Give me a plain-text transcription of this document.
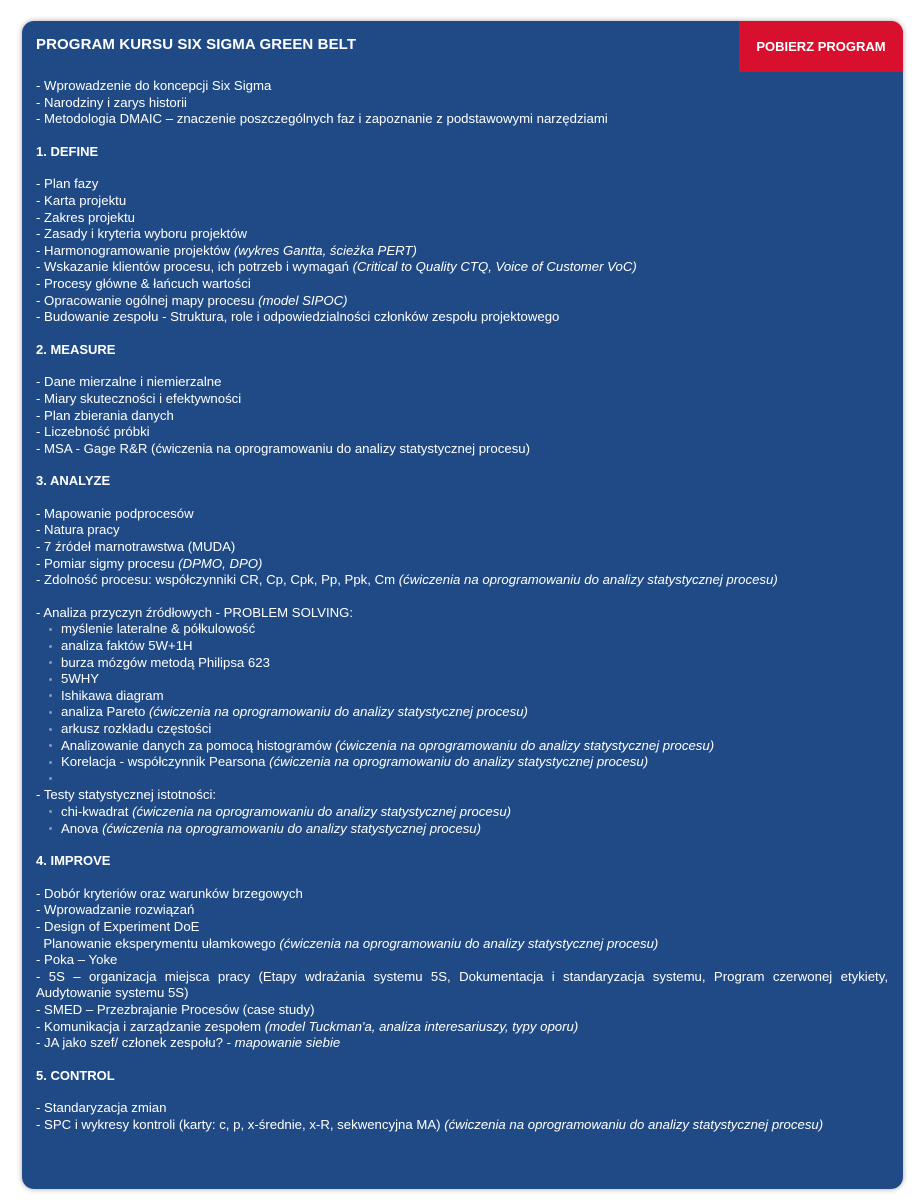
PROGRAM KURSU SIX SIGMA GREEN BELT	POBIERZ PROGRAM
- Wprowadzenie do koncepcji Six Sigma
- Narodziny i zarys historii
- Metodologia DMAIC – znaczenie poszczególnych faz i zapoznanie z podstawowymi narzędziami
1. DEFINE
- Plan fazy
- Karta projektu
- Zakres projektu
- Zasady i kryteria wyboru projektów
- Harmonogramowanie projektów (wykres Gantta, ścieżka PERT)
- Wskazanie klientów procesu, ich potrzeb i wymagań (Critical to Quality CTQ, Voice of Customer VoC)
- Procesy główne & łańcuch wartości
- Opracowanie ogólnej mapy procesu (model SIPOC)
- Budowanie zespołu - Struktura, role i odpowiedzialności członków zespołu projektowego
2. MEASURE
- Dane mierzalne i niemierzalne
- Miary skuteczności i efektywności
- Plan zbierania danych
- Liczebność próbki
- MSA - Gage R&R (ćwiczenia na oprogramowaniu do analizy statystycznej procesu)
3. ANALYZE
- Mapowanie podprocesów
- Natura pracy
- 7 źródeł marnotrawstwa (MUDA)
- Pomiar sigmy procesu (DPMO, DPO)
- Zdolność procesu: współczynniki CR, Cp, Cpk, Pp, Ppk, Cm (ćwiczenia na oprogramowaniu do analizy statystycznej procesu)
- Analiza przyczyn źródłowych - PROBLEM SOLVING:
myślenie lateralne & półkulowość
analiza faktów 5W+1H
burza mózgów metodą Philipsa 623
5WHY
Ishikawa diagram
analiza Pareto (ćwiczenia na oprogramowaniu do analizy statystycznej procesu)
arkusz rozkładu częstości
Analizowanie danych za pomocą histogramów (ćwiczenia na oprogramowaniu do analizy statystycznej procesu)
Korelacja - współczynnik Pearsona (ćwiczenia na oprogramowaniu do analizy statystycznej procesu)
- Testy statystycznej istotności:
chi-kwadrat (ćwiczenia na oprogramowaniu do analizy statystycznej procesu)
Anova (ćwiczenia na oprogramowaniu do analizy statystycznej procesu)
4. IMPROVE
- Dobór kryteriów oraz warunków brzegowych
- Wprowadzanie rozwiązań
- Design of Experiment DoE
Planowanie eksperymentu ułamkowego (ćwiczenia na oprogramowaniu do analizy statystycznej procesu)
- Poka – Yoke
- 5S – organizacja miejsca pracy (Etapy wdrażania systemu 5S, Dokumentacja i standaryzacja systemu, Program czerwonej etykiety, Audytowanie systemu 5S)
- SMED – Przezbrajanie Procesów (case study)
- Komunikacja i zarządzanie zespołem (model Tuckman'a, analiza interesariuszy, typy oporu)
- JA jako szef/ członek zespołu? - mapowanie siebie
5. CONTROL
- Standaryzacja zmian
- SPC i wykresy kontroli (karty: c, p, x-średnie, x-R, sekwencyjna MA) (ćwiczenia na oprogramowaniu do analizy statystycznej procesu)
